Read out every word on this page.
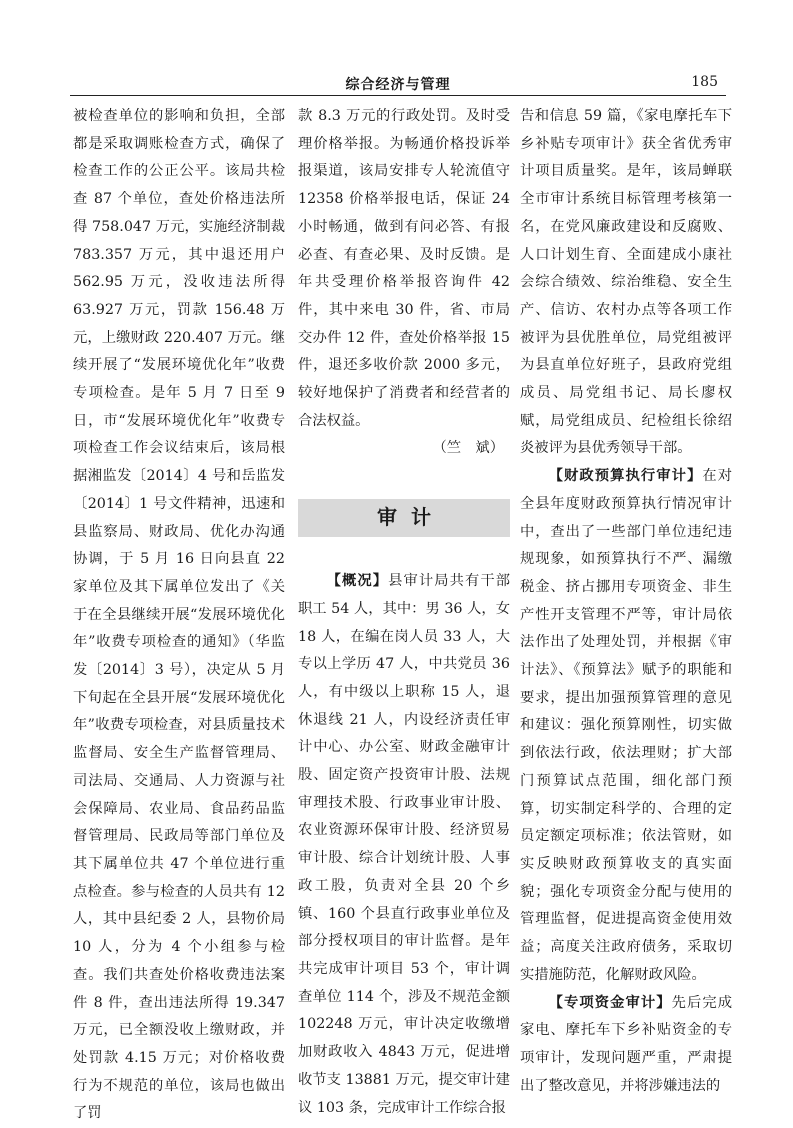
综合经济与管理	185

被检查单位的影响和负担，全部都是采取调账检查方式，确保了检查工作的公正公平。该局共检查 87 个单位，查处价格违法所得 758.047 万元，实施经济制裁 783.357 万元，其中退还用户 562.95 万元，没收违法所得 63.927 万元，罚款 156.48 万元，上缴财政 220.407 万元。继续开展了“发展环境优化年”收费专项检查。是年 5 月 7 日至 9 日，市“发展环境优化年”收费专项检查工作会议结束后，该局根据湘监发〔2014〕4 号和岳监发〔2014〕1 号文件精神，迅速和县监察局、财政局、优化办沟通协调，于 5 月 16 日向县直 22 家单位及其下属单位发出了《关于在全县继续开展“发展环境优化年”收费专项检查的通知》（华监发〔2014〕3 号），决定从 5 月下旬起在全县开展“发展环境优化年”收费专项检查，对县质量技术监督局、安全生产监督管理局、司法局、交通局、人力资源与社会保障局、农业局、食品药品监督管理局、民政局等部门单位及其下属单位共 47 个单位进行重点检查。参与检查的人员共有 12 人，其中县纪委 2 人，县物价局 10 人，分为 4 个小组参与检查。我们共查处价格收费违法案件 8 件，查出违法所得 19.347 万元，已全额没收上缴财政，并处罚款 4.15 万元；对价格收费行为不规范的单位，该局也做出了罚

款 8.3 万元的行政处罚。及时受理价格举报。为畅通价格投诉举报渠道，该局安排专人轮流值守 12358 价格举报电话，保证 24 小时畅通，做到有问必答、有报必查、有查必果、及时反馈。是年共受理价格举报咨询件 42 件，其中来电 30 件，省、市局交办件 12 件，查处价格举报 15 件，退还多收价款 2000 多元，较好地保护了消费者和经营者的合法权益。

（竺　斌）

审计

【概况】县审计局共有干部职工 54 人，其中：男 36 人，女 18 人，在编在岗人员 33 人，大专以上学历 47 人，中共党员 36 人，有中级以上职称 15 人，退休退线 21 人，内设经济责任审计中心、办公室、财政金融审计股、固定资产投资审计股、法规审理技术股、行政事业审计股、农业资源环保审计股、经济贸易审计股、综合计划统计股、人事政工股，负责对全县 20 个乡镇、160 个县直行政事业单位及部分授权项目的审计监督。是年共完成审计项目 53 个，审计调查单位 114 个，涉及不规范金额 102248 万元，审计决定收缴增加财政收入 4843 万元，促进增收节支 13881 万元，提交审计建议 103 条，完成审计工作综合报

告和信息 59 篇，《家电摩托车下乡补贴专项审计》获全省优秀审计项目质量奖。是年，该局蝉联全市审计系统目标管理考核第一名，在党风廉政建设和反腐败、人口计划生育、全面建成小康社会综合绩效、综治维稳、安全生产、信访、农村办点等各项工作被评为县优胜单位，局党组被评为县直单位好班子，县政府党组成员、局党组书记、局长廖权赋，局党组成员、纪检组长徐绍炎被评为县优秀领导干部。

【财政预算执行审计】在对全县年度财政预算执行情况审计中，查出了一些部门单位违纪违规现象，如预算执行不严、漏缴税金、挤占挪用专项资金、非生产性开支管理不严等，审计局依法作出了处理处罚，并根据《审计法》、《预算法》赋予的职能和要求，提出加强预算管理的意见和建议：强化预算刚性，切实做到依法行政，依法理财；扩大部门预算试点范围，细化部门预算，切实制定科学的、合理的定员定额定项标准；依法管财，如实反映财政预算收支的真实面貌；强化专项资金分配与使用的管理监督，促进提高资金使用效益；高度关注政府债务，采取切实措施防范，化解财政风险。

【专项资金审计】先后完成家电、摩托车下乡补贴资金的专项审计，发现问题严重，严肃提出了整改意见，并将涉嫌违法的
